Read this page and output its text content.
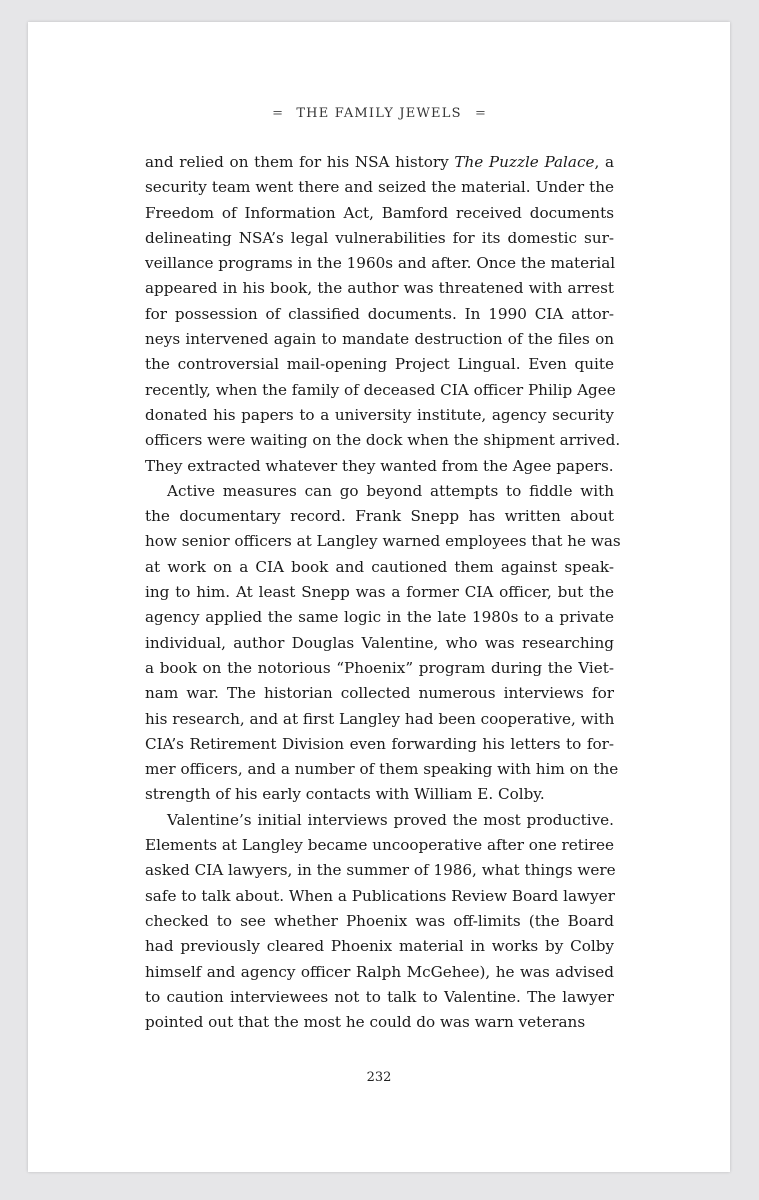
= THE FAMILY JEWELS =
and relied on them for his NSA history The Puzzle Palace, a
security team went there and seized the material. Under the
Freedom of Information Act, Bamford received documents
delineating NSA’s legal vulnerabilities for its domestic sur-
veillance programs in the 1960s and after. Once the material
appeared in his book, the author was threatened with arrest
for possession of classified documents. In 1990 CIA attor-
neys intervened again to mandate destruction of the files on
the controversial mail-opening Project Lingual. Even quite
recently, when the family of deceased CIA officer Philip Agee
donated his papers to a university institute, agency security
officers were waiting on the dock when the shipment arrived.
They extracted whatever they wanted from the Agee papers.
Active measures can go beyond attempts to fiddle with
the documentary record. Frank Snepp has written about
how senior officers at Langley warned employees that he was
at work on a CIA book and cautioned them against speak-
ing to him. At least Snepp was a former CIA officer, but the
agency applied the same logic in the late 1980s to a private
individual, author Douglas Valentine, who was researching
a book on the notorious “Phoenix” program during the Viet-
nam war. The historian collected numerous interviews for
his research, and at first Langley had been cooperative, with
CIA’s Retirement Division even forwarding his letters to for-
mer officers, and a number of them speaking with him on the
strength of his early contacts with William E. Colby.
Valentine’s initial interviews proved the most productive.
Elements at Langley became uncooperative after one retiree
asked CIA lawyers, in the summer of 1986, what things were
safe to talk about. When a Publications Review Board lawyer
checked to see whether Phoenix was off-limits (the Board
had previously cleared Phoenix material in works by Colby
himself and agency officer Ralph McGehee), he was advised
to caution interviewees not to talk to Valentine. The lawyer
pointed out that the most he could do was warn veterans
232
